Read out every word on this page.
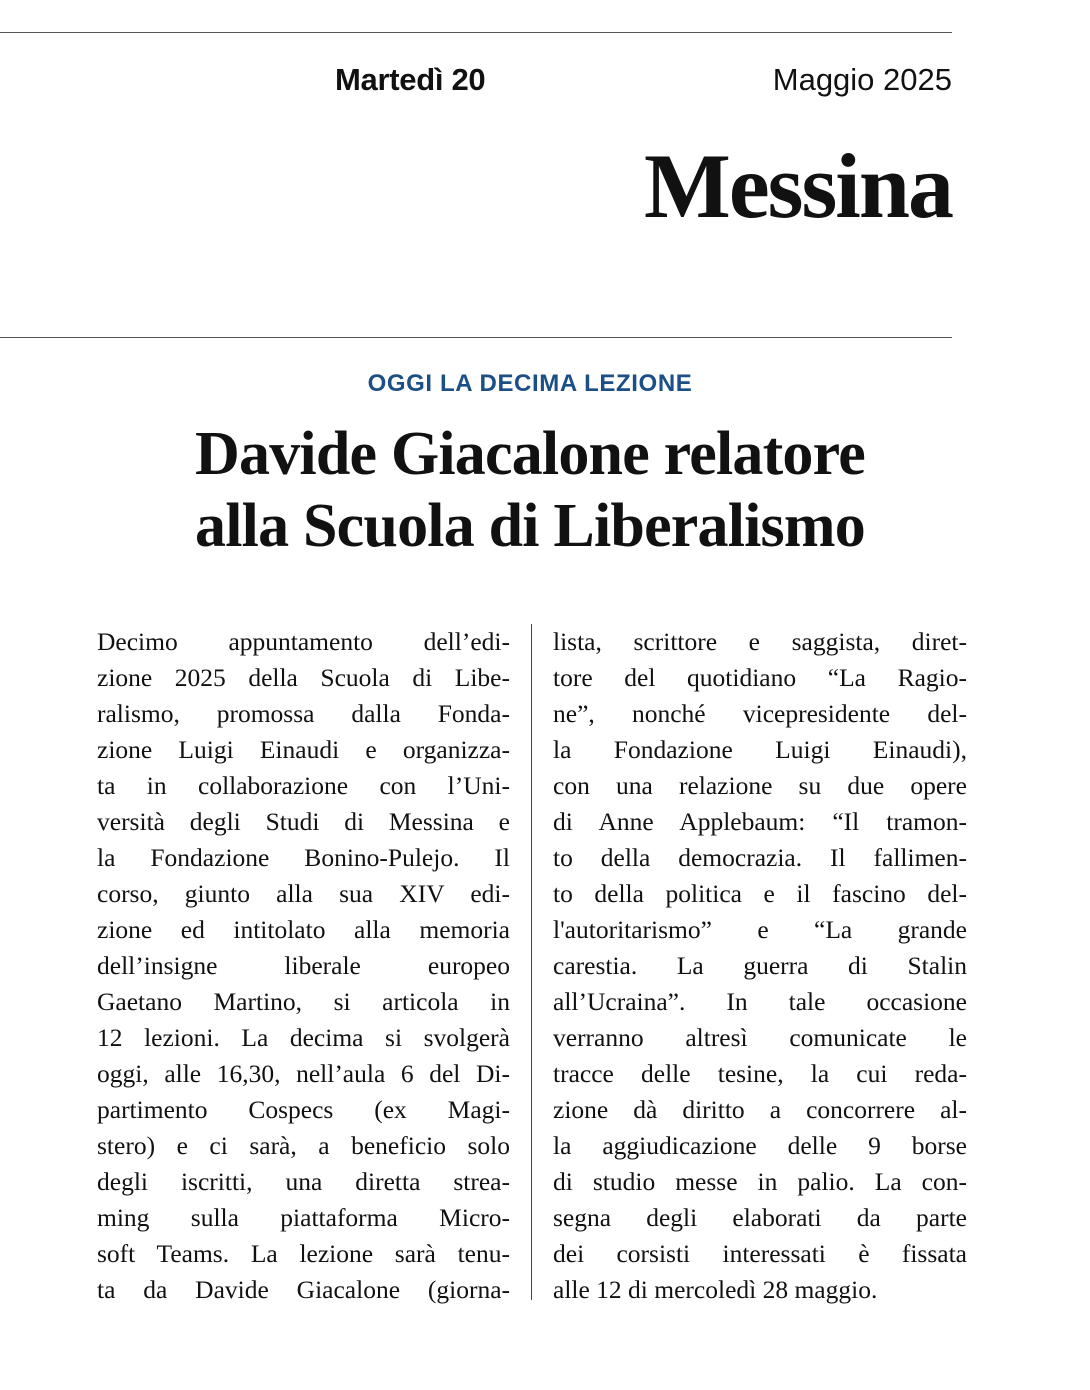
Martedì 20	Maggio 2025
Messina
OGGI LA DECIMA LEZIONE
Davide Giacalone relatore
alla Scuola di Liberalismo
Decimo appuntamento dell’edi-
zione 2025 della Scuola di Libe-
ralismo, promossa dalla Fonda-
zione Luigi Einaudi e organizza-
ta in collaborazione con l’Uni-
versità degli Studi di Messina e
la Fondazione Bonino-Pulejo. Il
corso, giunto alla sua XIV edi-
zione ed intitolato alla memoria
dell’insigne liberale europeo
Gaetano Martino, si articola in
12 lezioni. La decima si svolgerà
oggi, alle 16,30, nell’aula 6 del Di-
partimento Cospecs (ex Magi-
stero) e ci sarà, a beneficio solo
degli iscritti, una diretta strea-
ming sulla piattaforma Micro-
soft Teams. La lezione sarà tenu-
ta da Davide Giacalone (giorna-
lista, scrittore e saggista, diret-
tore del quotidiano “La Ragio-
ne”, nonché vicepresidente del-
la Fondazione Luigi Einaudi),
con una relazione su due opere
di Anne Applebaum: “Il tramon-
to della democrazia. Il fallimen-
to della politica e il fascino del-
l'autoritarismo” e “La grande
carestia. La guerra di Stalin
all’Ucraina”. In tale occasione
verranno altresì comunicate le
tracce delle tesine, la cui reda-
zione dà diritto a concorrere al-
la aggiudicazione delle 9 borse
di studio messe in palio. La con-
segna degli elaborati da parte
dei corsisti interessati è fissata
alle 12 di mercoledì 28 maggio.
